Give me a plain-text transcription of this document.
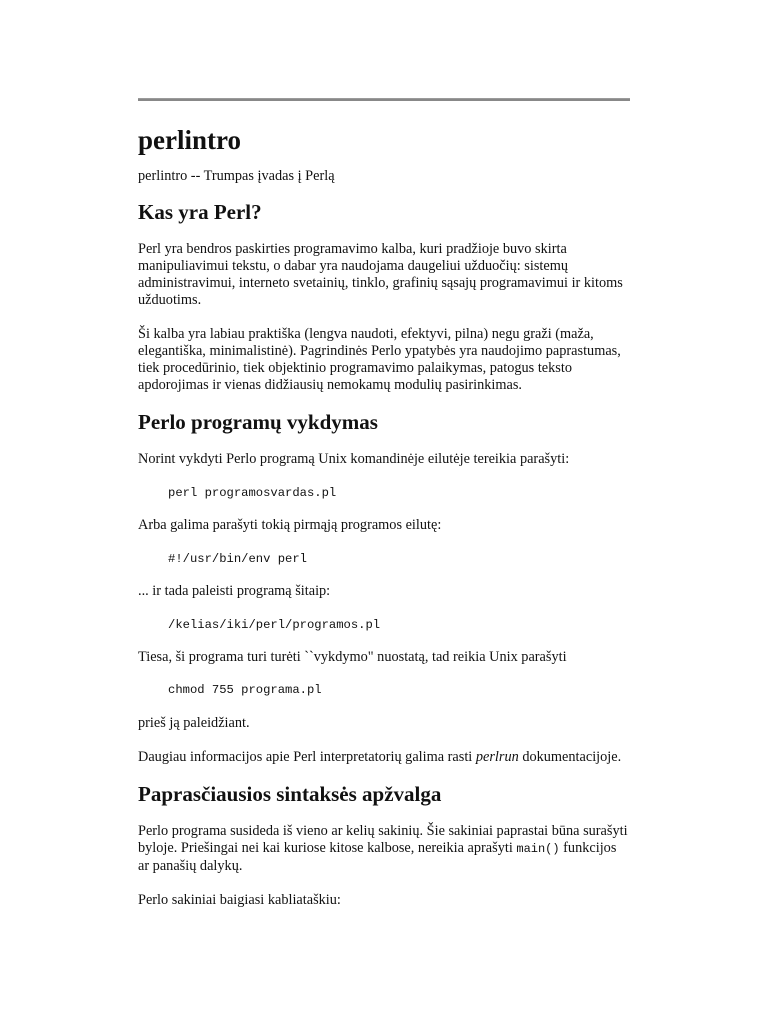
perlintro

perlintro -- Trumpas įvadas į Perlą

Kas yra Perl?

Perl yra bendros paskirties programavimo kalba, kuri pradžioje buvo skirta manipuliavimui tekstu, o dabar yra naudojama daugeliui užduočių: sistemų administravimui, interneto svetainių, tinklo, grafinių sąsajų programavimui ir kitoms užduotims.

Ši kalba yra labiau praktiška (lengva naudoti, efektyvi, pilna) negu graži (maža, elegantiška, minimalistinė). Pagrindinės Perlo ypatybės yra naudojimo paprastumas, tiek procedūrinio, tiek objektinio programavimo palaikymas, patogus teksto apdorojimas ir vienas didžiausių nemokamų modulių pasirinkimas.

Perlo programų vykdymas

Norint vykdyti Perlo programą Unix komandinėje eilutėje tereikia parašyti:

perl programosvardas.pl

Arba galima parašyti tokią pirmąją programos eilutę:

#!/usr/bin/env perl

... ir tada paleisti programą šitaip:

/kelias/iki/perl/programos.pl

Tiesa, ši programa turi turėti ``vykdymo" nuostatą, tad reikia Unix parašyti

chmod 755 programa.pl

prieš ją paleidžiant.

Daugiau informacijos apie Perl interpretatorių galima rasti perlrun dokumentacijoje.

Paprasčiausios sintaksės apžvalga

Perlo programa susideda iš vieno ar kelių sakinių. Šie sakiniai paprastai būna surašyti byloje. Priešingai nei kai kuriose kitose kalbose, nereikia aprašyti main() funkcijos ar panašių dalykų.

Perlo sakiniai baigiasi kabliataškiu:
